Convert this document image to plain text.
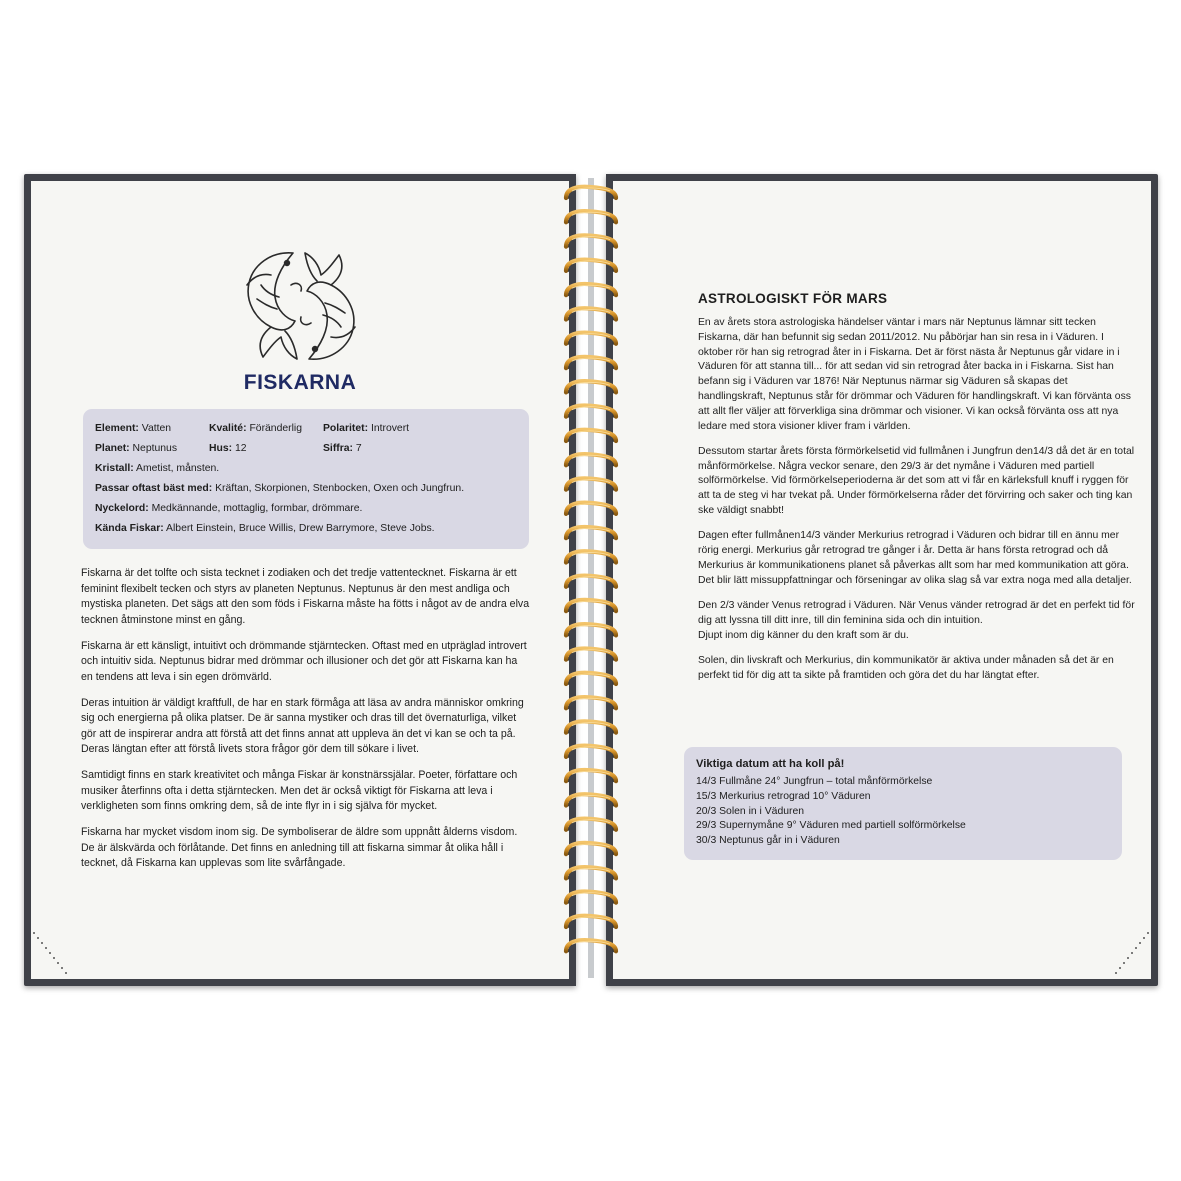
FISKARNA
Element: Vatten	Kvalité: Föränderlig Polaritet: Introvert
Planet: Neptunus	Hus: 12	Siffra: 7
Kristall: Ametist, månsten.
Passar oftast bäst med: Kräftan, Skorpionen, Stenbocken, Oxen och Jungfrun.
Nyckelord: Medkännande, mottaglig, formbar, drömmare.
Kända Fiskar: Albert Einstein, Bruce Willis, Drew Barrymore, Steve Jobs.

Fiskarna är det tolfte och sista tecknet i zodiaken och det tredje vattentecknet. Fiskarna är ett feminint flexibelt tecken och styrs av planeten Neptunus. Neptunus är den mest andliga och mystiska planeten. Det sägs att den som föds i Fiskarna måste ha fötts i något av de andra elva tecknen åtminstone minst en gång.

Fiskarna är ett känsligt, intuitivt och drömmande stjärntecken. Oftast med en utpräglad introvert och intuitiv sida. Neptunus bidrar med drömmar och illusioner och det gör att Fiskarna kan ha en tendens att leva i sin egen drömvärld.

Deras intuition är väldigt kraftfull, de har en stark förmåga att läsa av andra människor omkring sig och energierna på olika platser. De är sanna mystiker och dras till det övernaturliga, vilket gör att de inspirerar andra att förstå att det finns annat att uppleva än det vi kan se och ta på. Deras längtan efter att förstå livets stora frågor gör dem till sökare i livet.

Samtidigt finns en stark kreativitet och många Fiskar är konstnärssjälar. Poeter, författare och musiker återfinns ofta i detta stjärntecken. Men det är också viktigt för Fiskarna att leva i verkligheten som finns omkring dem, så de inte flyr in i sig själva för mycket.

Fiskarna har mycket visdom inom sig. De symboliserar de äldre som uppnått ålderns visdom. De är älskvärda och förlåtande. Det finns en anledning till att fiskarna simmar åt olika håll i tecknet, då Fiskarna kan upplevas som lite svårfångade.

ASTROLOGISKT FÖR MARS

En av årets stora astrologiska händelser väntar i mars när Neptunus lämnar sitt tecken Fiskarna, där han befunnit sig sedan 2011/2012. Nu påbörjar han sin resa in i Väduren. I oktober rör han sig retrograd åter in i Fiskarna. Det är först nästa år Neptunus går vidare in i Väduren för att stanna till... för att sedan vid sin retrograd åter backa in i Fiskarna. Sist han befann sig i Väduren var 1876! När Neptunus närmar sig Väduren så skapas det handlingskraft, Neptunus står för drömmar och Väduren för handlingskraft. Vi kan förvänta oss att allt fler väljer att förverkliga sina drömmar och visioner. Vi kan också förvänta oss att nya ledare med stora visioner kliver fram i världen.

Dessutom startar årets första förmörkelsetid vid fullmånen i Jungfrun den14/3 då det är en total månförmörkelse. Några veckor senare, den 29/3 är det nymåne i Väduren med partiell solförmörkelse. Vid förmörkelseperioderna är det som att vi får en kärleksfull knuff i ryggen för att ta de steg vi har tvekat på. Under förmörkelserna råder det förvirring och saker och ting kan ske väldigt snabbt!

Dagen efter fullmånen14/3 vänder Merkurius retrograd i Väduren och bidrar till en ännu mer rörig energi. Merkurius går retrograd tre gånger i år. Detta är hans första retrograd och då Merkurius är kommunikationens planet så påverkas allt som har med kommunikation att göra. Det blir lätt missuppfattningar och förseningar av olika slag så var extra noga med alla detaljer.

Den 2/3 vänder Venus retrograd i Väduren. När Venus vänder retrograd är det en perfekt tid för dig att lyssna till ditt inre, till din feminina sida och din intuition.

Djupt inom dig känner du den kraft som är du.

Solen, din livskraft och Merkurius, din kommunikatör är aktiva under månaden så det är en perfekt tid för dig att ta sikte på framtiden och göra det du har längtat efter.

Viktiga datum att ha koll på!
14/3 Fullmåne 24° Jungfrun – total månförmörkelse
15/3 Merkurius retrograd 10° Väduren
20/3 Solen in i Väduren
29/3 Supernymåne 9° Väduren med partiell solförmörkelse
30/3 Neptunus går in i Väduren
